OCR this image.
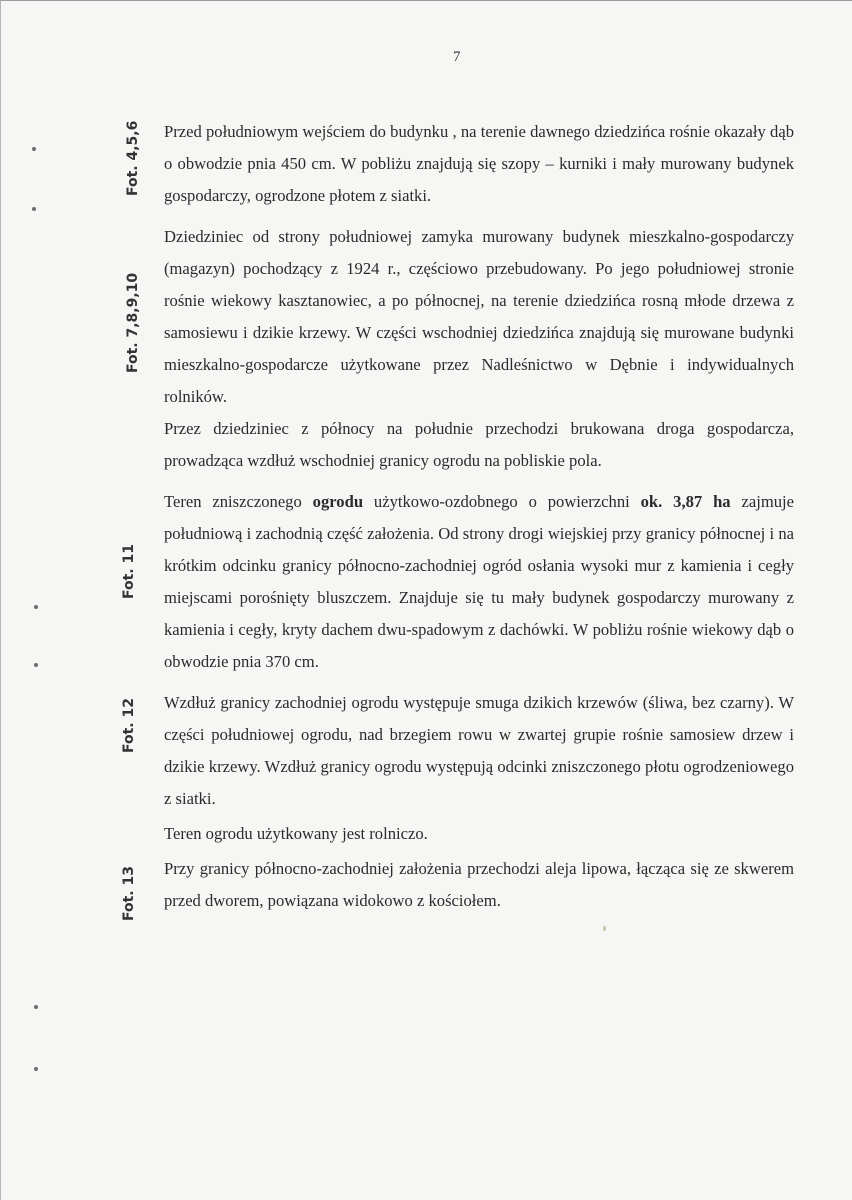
7
Fot. 4,5,6
Fot. 7,8,9,10
Fot. 11
Fot. 12
Fot. 13

Przed południowym wejściem do budynku , na terenie dawnego dziedzińca rośnie okazały dąb o obwodzie pnia 450 cm. W pobliżu znajdują się szopy – kurniki i mały murowany budynek gospodarczy, ogrodzone płotem z siatki.

Dziedziniec od strony południowej zamyka murowany budynek mieszkalno-gospodarczy (magazyn) pochodzący z 1924 r., częściowo przebudowany. Po jego południowej stronie rośnie wiekowy kasztanowiec, a po północnej, na terenie dziedzińca rosną młode drzewa z samosiewu i dzikie krzewy. W części wschodniej dziedzińca znajdują się murowane budynki mieszkalno-gospodarcze użytkowane przez Nadleśnictwo w Dębnie i indywidualnych rolników.

Przez dziedziniec z północy na południe przechodzi brukowana droga gospodarcza, prowadząca wzdłuż wschodniej granicy ogrodu na pobliskie pola.

Teren zniszczonego ogrodu użytkowo-ozdobnego o powierzchni ok. 3,87 ha zajmuje południową i zachodnią część założenia. Od strony drogi wiejskiej przy granicy północnej i na krótkim odcinku granicy północno-zachodniej ogród osłania wysoki mur z kamienia i cegły miejscami porośnięty bluszczem. Znajduje się tu mały budynek gospodarczy murowany z kamienia i cegły, kryty dachem dwu-spadowym z dachówki. W pobliżu rośnie wiekowy dąb o obwodzie pnia 370 cm.

Wzdłuż granicy zachodniej ogrodu występuje smuga dzikich krzewów (śliwa, bez czarny). W części południowej ogrodu, nad brzegiem rowu w zwartej grupie rośnie samosiew drzew i dzikie krzewy. Wzdłuż granicy ogrodu występują odcinki zniszczonego płotu ogrodzeniowego z siatki.

Teren ogrodu użytkowany jest rolniczo.

Przy granicy północno-zachodniej założenia przechodzi aleja lipowa, łącząca się ze skwerem przed dworem, powiązana widokowo z kościołem.
